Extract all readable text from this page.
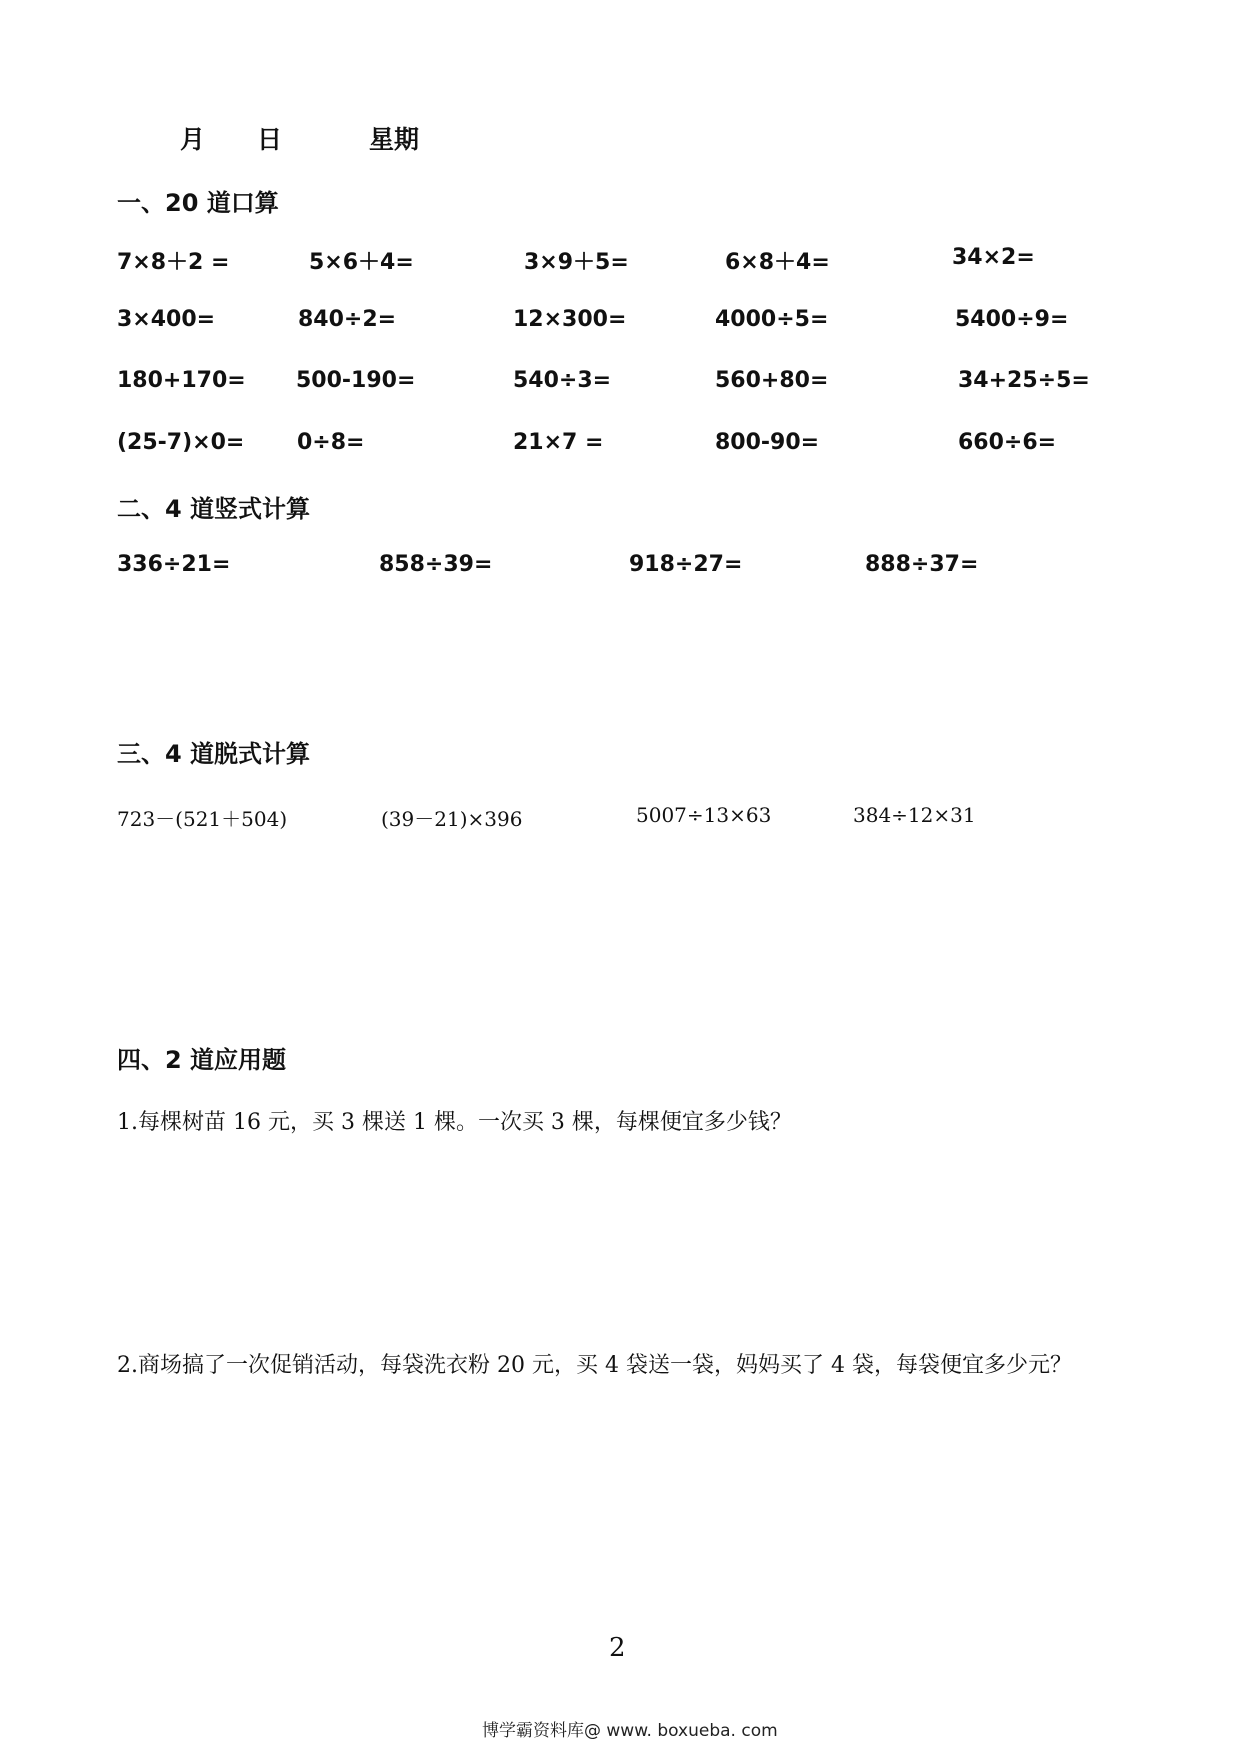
月 日	星期
一、20 道口算
7×8＋2 =	5×6＋4=	3×9＋5=	6×8＋4=	34×2=
3×400=	840÷2=	12×300=	4000÷5=	5400÷9=
180+170= 500-190=	540÷3=	560+80=	34+25÷5=
(25-7)×0= 0÷8=	21×7 =	800-90=	660÷6=
二、4 道竖式计算
336÷21=	858÷39=	918÷27=	888÷37=
三、4 道脱式计算
723－(521＋504)	(39－21)×396	5007÷13×63	384÷12×31
四、2 道应用题
1.每棵树苗 16 元，买 3 棵送 1 棵。一次买 3 棵，每棵便宜多少钱？
2.商场搞了一次促销活动，每袋洗衣粉 20 元，买 4 袋送一袋，妈妈买了 4 袋，每袋便宜多少元？
2
博学霸资料库@ www. boxueba. com
